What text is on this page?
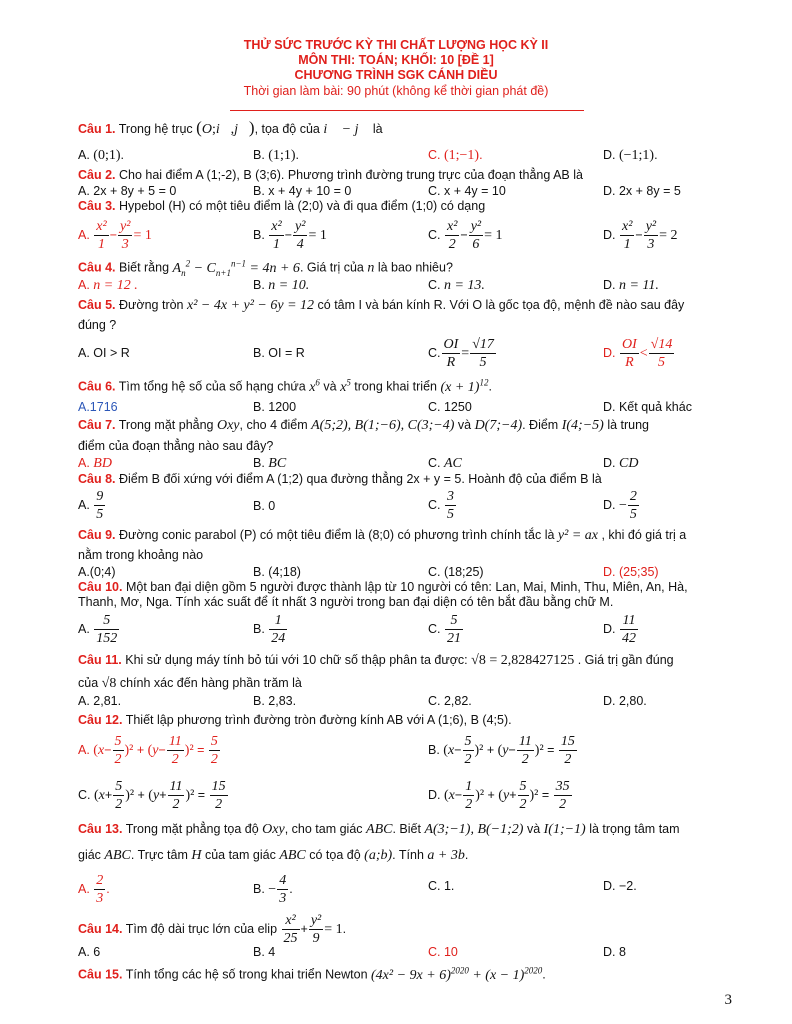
THỬ SỨC TRƯỚC KỲ THI CHẤT LƯỢNG HỌC KỲ II
MÔN THI: TOÁN; KHỐI: 10 [ĐỀ 1]
CHƯƠNG TRÌNH SGK CÁNH DIỀU
Thời gian làm bài: 90 phút (không kể thời gian phát đề)
Câu 1. Trong hệ trục (O;i⃗,j⃗), tọa độ của i⃗ − j⃗ là
A. (0;1).	B. (1;1).	C. (1;−1).	D. (−1;1).
Câu 2. Cho hai điểm A (1;-2), B (3;6). Phương trình đường trung trực của đoạn thẳng AB là
A. 2x + 8y + 5 = 0	B. x + 4y + 10 = 0	C. x + 4y = 10	D. 2x + 8y = 5
Câu 3. Hypebol (H) có một tiêu điểm là (2;0) và đi qua điểm (1;0) có dạng
A. $\frac{\text{x²}}{1} - \frac{\text{y²}}{3} = 1$	B. $\frac{\text{x²}}{1} - \frac{\text{y²}}{4} = 1$	C. $\frac{\text{x²}}{2} - \frac{\text{y²}}{6} = 1$	D. $\frac{\text{x²}}{1} - \frac{\text{y²}}{3} = 2$
Câu 4. Biết rằng $A_n^2 - C_{n+1}^{n-1} = 4n + 6$. Giá trị của n là bao nhiêu?
A. n = 12 .	B. n = 10.	C. n = 13.	D. n = 11.
Câu 5. Đường tròn x² − 4x + y² − 6y = 12 có tâm I và bán kính R. Với O là gốc tọa độ, mệnh đề nào sau đây
đúng ?
A. OI > R	B. OI = R	C. $\frac{OI}{R} = \frac{√17}{5}$	D. $\frac{OI}{R} < \frac{√14}{5}$
Câu 6. Tìm tổng hệ số của số hạng chứa $x^6$ và $x^5$ trong khai triển $(x + 1)^{12}$.
A.1716	B. 1200	C. 1250	D. Kết quả khác
Câu 7. Trong mặt phẳng Oxy, cho 4 điểm A(5;2), B(1;−6), C(3;−4) và D(7;−4). Điểm I(4;−5) là trung
điểm của đoạn thẳng nào sau đây?
A. BD	B. BC	C. AC	D. CD
Câu 8. Điểm B đối xứng với điểm A (1;2) qua đường thẳng 2x + y = 5. Hoành độ của điểm B là
A. $\frac{9}{5}$	B. 0	C. $\frac{3}{5}$	D. − $\frac{2}{5}$
Câu 9. Đường conic parabol (P) có một tiêu điểm là (8;0) có phương trình chính tắc là y² = ax , khi đó giá trị a
nằm trong khoảng nào
A.(0;4)	B. (4;18)	C. (18;25)	D. (25;35)
Câu 10. Một ban đại diện gồm 5 người được thành lập từ 10 người có tên: Lan, Mai, Minh, Thu, Miên, An, Hà,
Thanh, Mơ, Nga. Tính xác suất để ít nhất 3 người trong ban đại diện có tên bắt đầu bằng chữ M.
A. $\frac{5}{152}$	B. $\frac{1}{24}$	C. $\frac{5}{21}$	D. $\frac{11}{42}$
Câu 11. Khi sử dụng máy tính bỏ túi với 10 chữ số thập phân ta được: √8 = 2,828427125 . Giá trị gần đúng
của √8 chính xác đến hàng phần trăm là
A. 2,81.	B. 2,83.	C. 2,82.	D. 2,80.
Câu 12. Thiết lập phương trình đường tròn đường kính AB với A (1;6), B (4;5).
A. $(x- \frac{5}{2} )^2 + (y- \frac{11}{2} )^2 = \frac{5}{2}$	B. $(x- \frac{5}{2} )^2 + (y- \frac{11}{2} )^2 = \frac{15}{2}$
C. $(x+ \frac{5}{2} )^2 + (y+ \frac{11}{2} )^2 = \frac{15}{2}$	D. $(x- \frac{1}{2} )^2 + (y+ \frac{5}{2} )^2 = \frac{35}{2}$
Câu 13. Trong mặt phẳng tọa độ Oxy, cho tam giác ABC. Biết A(3;−1), B(−1;2) và I(1;−1) là trọng tâm tam
giác ABC. Trực tâm H của tam giác ABC có tọa độ (a;b). Tính a + 3b.
A. $\frac{2}{3}$ .	B. − $\frac{4}{3}$ .	C. 1.	D. −2.
Câu 14. Tìm độ dài trục lớn của elip $\frac{\text{x²}}{25} + \frac{\text{y²}}{9} = 1$.
A. 6	B. 4	C. 10	D. 8
Câu 15. Tính tổng các hệ số trong khai triển Newton $(4x^2 - 9x + 6)^{2020} + (x - 1)^{2020}$.
3
